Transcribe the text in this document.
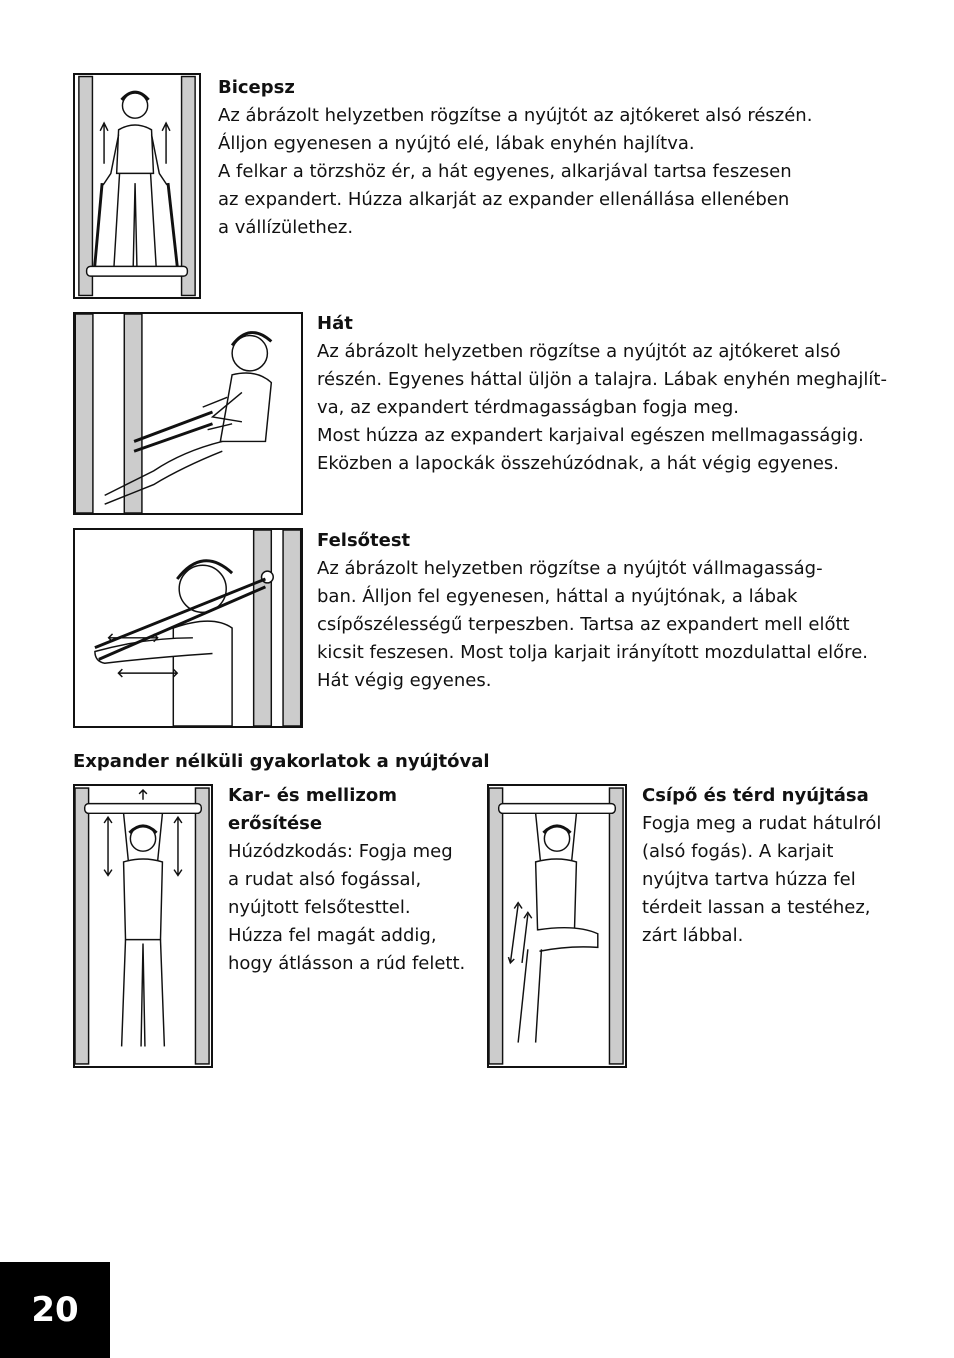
Bicepsz

Az ábrázolt helyzetben rögzítse a nyújtót az ajtókeret alsó részén.
Álljon egyenesen a nyújtó elé, lábak enyhén hajlítva.
A felkar a törzshöz ér, a hát egyenes, alkarjával tartsa feszesen
az expandert. Húzza alkarját az expander ellenállása ellenében
a vállízülethez.

Hát

Az ábrázolt helyzetben rögzítse a nyújtót az ajtókeret alsó
részén. Egyenes háttal üljön a talajra. Lábak enyhén meghajlít-
va, az expandert térdmagasságban fogja meg.
Most húzza az expandert karjaival egészen mellmagasságig.
Eközben a lapockák összehúzódnak, a hát végig egyenes.

Felsőtest

Az ábrázolt helyzetben rögzítse a nyújtót vállmagasság-
ban. Álljon fel egyenesen, háttal a nyújtónak, a lábak
csípőszélességű terpeszben. Tartsa az expandert mell előtt
kicsit feszesen. Most tolja karjait irányított mozdulattal előre.
Hát végig egyenes.

Expander nélküli gyakorlatok a nyújtóval
Kar- és mellizom
erősítése

Húzódzkodás: Fogja meg
a rudat alsó fogással,
nyújtott felsőtesttel.
Húzza fel magát addig,
hogy átlásson a rúd felett.

Csípő és térd nyújtása

Fogja meg a rudat hátulról
(alsó fogás). A karjait
nyújtva tartva húzza fel
térdeit lassan a testéhez,
zárt lábbal.

20
